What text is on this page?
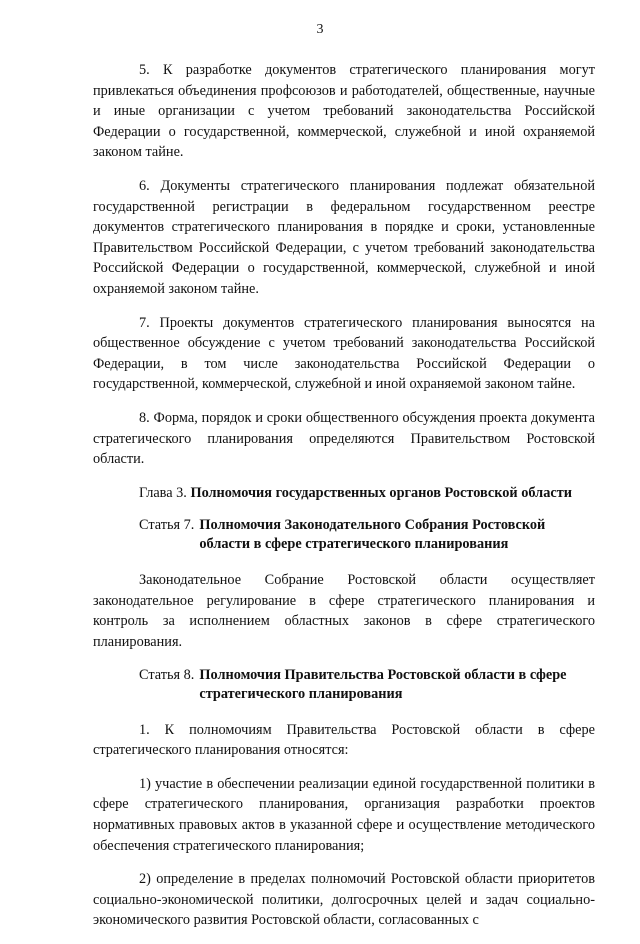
3

5. К разработке документов стратегического планирования могут привлекаться объединения профсоюзов и работодателей, общественные, научные и иные организации с учетом требований законодательства Российской Федерации о государственной, коммерческой, служебной и иной охраняемой законом тайне.

6. Документы стратегического планирования подлежат обязательной государственной регистрации в федеральном государственном реестре документов стратегического планирования в порядке и сроки, установленные Правительством Российской Федерации, с учетом требований законодательства Российской Федерации о государственной, коммерческой, служебной и иной охраняемой законом тайне.

7. Проекты документов стратегического планирования выносятся на общественное обсуждение с учетом требований законодательства Российской Федерации, в том числе законодательства Российской Федерации о государственной, коммерческой, служебной и иной охраняемой законом тайне.

8. Форма, порядок и сроки общественного обсуждения проекта документа стратегического планирования определяются Правительством Ростовской области.

Глава 3. Полномочия государственных органов Ростовской области
Статья 7. Полномочия Законодательного Собрания Ростовской
области в сфере стратегического планирования

Законодательное Собрание Ростовской области осуществляет законодательное регулирование в сфере стратегического планирования и контроль за исполнением областных законов в сфере стратегического планирования.

Статья 8. Полномочия Правительства Ростовской области в сфере
стратегического планирования

1. К полномочиям Правительства Ростовской области в сфере стратегического планирования относятся:

1) участие в обеспечении реализации единой государственной политики в сфере стратегического планирования, организация разработки проектов нормативных правовых актов в указанной сфере и осуществление методического обеспечения стратегического планирования;

2) определение в пределах полномочий Ростовской области приоритетов социально-экономической политики, долгосрочных целей и задач социально-экономического развития Ростовской области, согласованных с
